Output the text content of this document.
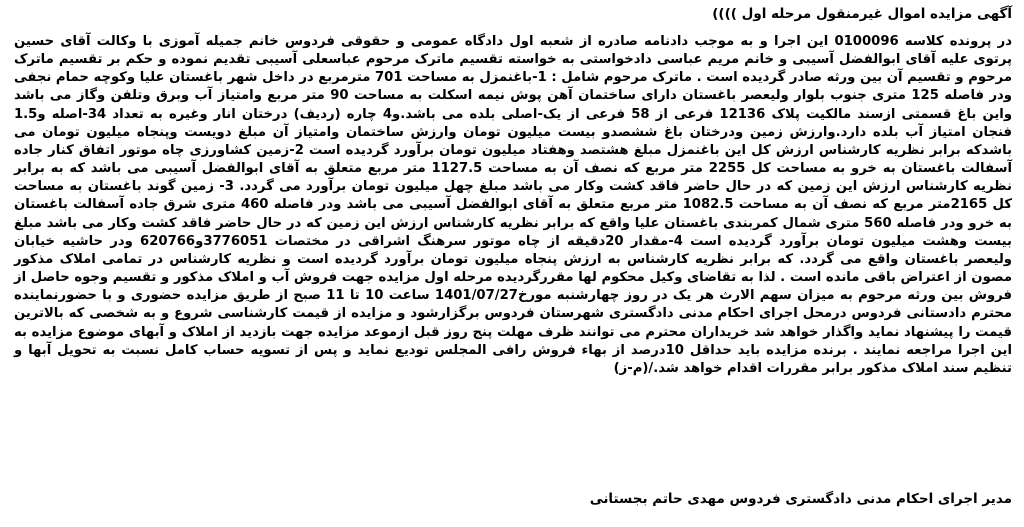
آگهی مزایده اموال غیرمنقول مرحله اول ))))

در پرونده کلاسه 0100096 این اجرا و به موجب دادنامه صادره از شعبه اول دادگاه عمومی و حقوقی فردوس خانم جمیله آموزی با وکالت آقای حسین پرتوی علیه آقای ابوالفضل آسیبی و خانم مریم عباسی دادخواستی به خواسته تقسیم ماترک مرحوم عباسعلی آسیبی تقدیم نموده و حکم بر تقسیم ماترک مرحوم و تقسیم آن بین ورثه صادر گردیده است . ماترک مرحوم شامل : 1-باغنمزل به مساحت 701 مترمربع در داخل شهر باغستان علیا وکوچه حمام نجفی ودر فاصله 125 متری جنوب بلوار ولیعصر باغستان دارای ساختمان آهن پوش نیمه اسکلت به مساحت 90 متر مربع وامتیاز آب وبرق وتلفن وگاز می باشد واین باغ قسمتی ازسند مالکیت پلاک 12136 فرعی از 58 فرعی از یک-اصلی بلده می باشد.و4 چاره (ردیف) درختان انار وغیره به تعداد 34-اصله و1.5 فنجان امتیاز آب بلده دارد.وارزش زمین ودرختان باغ ششصدو بیست میلیون تومان وارزش ساختمان وامتیاز آن مبلغ دویست وپنجاه میلیون تومان می باشدکه برابر نظریه کارشناس ارزش کل این باغنمزل مبلغ هشتصد وهفتاد میلیون تومان برآورد گردیده است 2-زمین کشاورزی چاه موتور اتفاق کنار جاده آسفالت باغستان به خرو به مساحت کل 2255 متر مربع که نصف آن به مساحت 1127.5 متر مربع متعلق به آقای ابوالفضل آسیبی می باشد که به برابر نظریه کارشناس ارزش این زمین که در حال حاضر فاقد کشت وکار می باشد مبلغ چهل میلیون تومان برآورد می گردد. 3- زمین گوند باغستان به مساحت کل 2165متر مربع که نصف آن به مساحت 1082.5 متر مربع متعلق به آقای ابوالفضل آسیبی می باشد ودر فاصله 460 متری شرق جاده آسفالت باغستان به خرو ودر فاصله 560 متری شمال کمربندی باغستان علیا واقع که برابر نظریه کارشناس ارزش این زمین که در حال حاضر فاقد کشت وکار می باشد مبلغ بیست وهشت میلیون تومان برآورد گردیده است 4-مقدار 20دقیقه از چاه موتور سرهنگ اشراقی در مختصات 3776051و620766 ودر حاشیه خیابان ولیعصر باغستان واقع می گردد. که برابر نظریه کارشناس به ارزش پنجاه میلیون تومان برآورد گردیده است و نظریه کارشناس در تمامی املاک مذکور مصون از اعتراض باقی مانده است . لذا به تقاضای وکیل محکوم لها مقررگردیده مرحله اول مزایده جهت فروش آب و املاک مذکور و تقسیم وجوه حاصل از فروش بین ورثه مرحوم به میزان سهم الارث هر یک در روز چهارشنبه مورخ1401/07/27 ساعت 10 تا 11 صبح از طریق مزایده حضوری و با حضورنماینده محترم دادستانی فردوس درمحل اجرای احکام مدنی دادگستری شهرستان فردوس برگزارشود و مزایده از قیمت کارشناسی شروع و به شخصی که بالاترین قیمت را پیشنهاد نماید واگذار خواهد شد خریداران محترم می توانند ظرف مهلت پنج روز قبل ازموعد مزایده جهت بازدید از املاک و آبهای موضوع مزایده به این اجرا مراجعه نمایند . برنده مزایده باید حداقل 10درصد از بهاء فروش رافی المجلس تودیع نماید و پس از تسویه حساب کامل نسبت به تحویل آبها و تنظیم سند املاک مذکور برابر مقررات اقدام خواهد شد./(م-ز)

مدیر اجرای احکام مدنی دادگستری فردوس مهدی حاتم بجستانی
